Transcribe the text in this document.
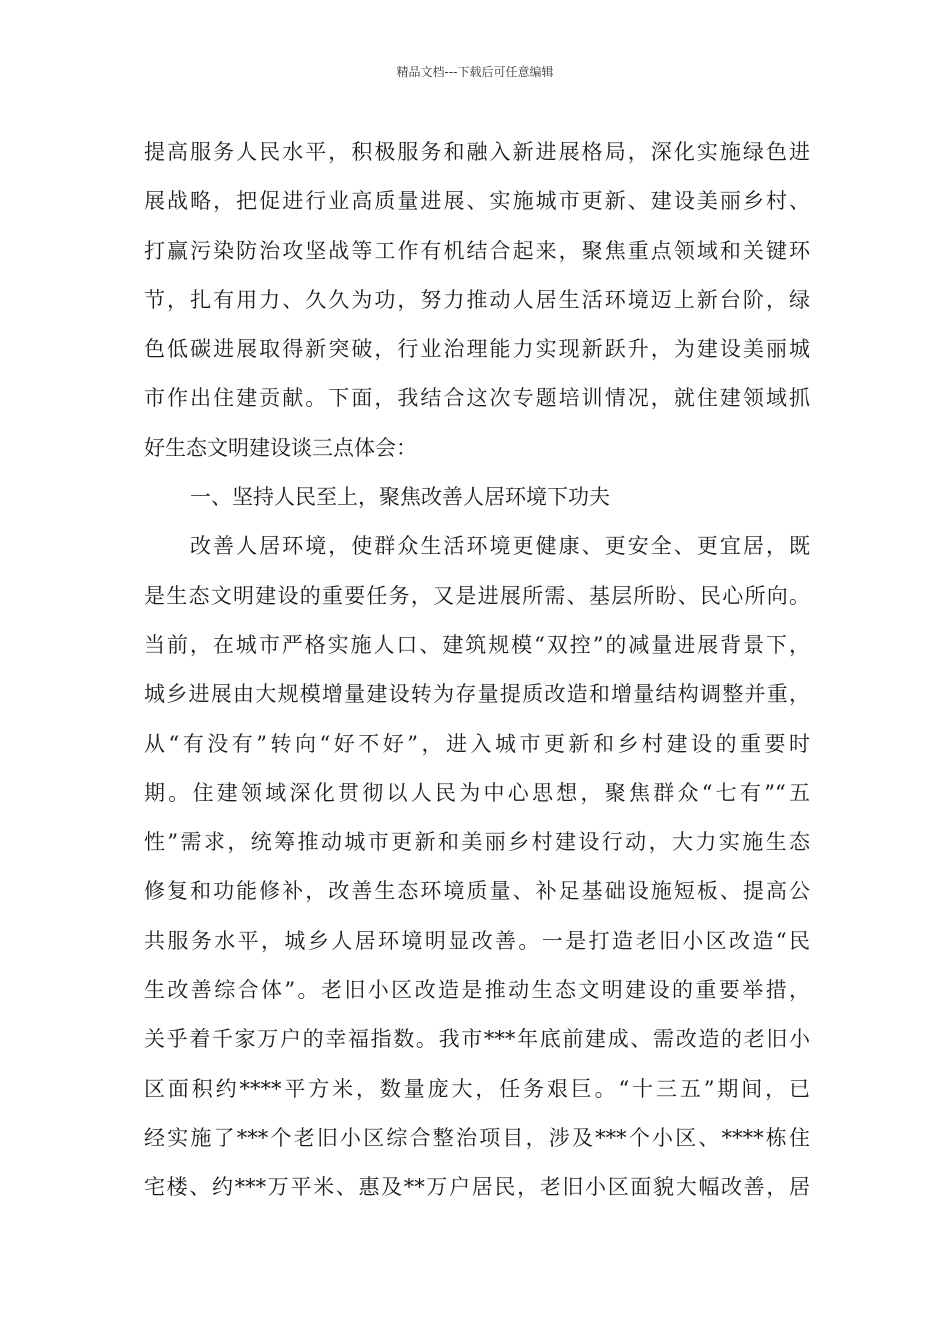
精品文档---下载后可任意编辑
提高服务人民水平，积极服务和融入新进展格局，深化实施绿色进
展战略，把促进行业高质量进展、实施城市更新、建设美丽乡村、
打赢污染防治攻坚战等工作有机结合起来，聚焦重点领域和关键环
节，扎有用力、久久为功，努力推动人居生活环境迈上新台阶，绿
色低碳进展取得新突破，行业治理能力实现新跃升，为建设美丽城
市作出住建贡献。下面，我结合这次专题培训情况，就住建领域抓
好生态文明建设谈三点体会：
一、坚持人民至上，聚焦改善人居环境下功夫
改善人居环境，使群众生活环境更健康、更安全、更宜居，既
是生态文明建设的重要任务，又是进展所需、基层所盼、民心所向。
当前，在城市严格实施人口、建筑规模“双控”的减量进展背景下，
城乡进展由大规模增量建设转为存量提质改造和增量结构调整并重，
从“有没有”转向“好不好”，进入城市更新和乡村建设的重要时
期。住建领域深化贯彻以人民为中心思想，聚焦群众“七有”“五
性”需求，统筹推动城市更新和美丽乡村建设行动，大力实施生态
修复和功能修补，改善生态环境质量、补足基础设施短板、提高公
共服务水平，城乡人居环境明显改善。一是打造老旧小区改造“民
生改善综合体”。老旧小区改造是推动生态文明建设的重要举措，
关乎着千家万户的幸福指数。我市***年底前建成、需改造的老旧小
区面积约****平方米，数量庞大，任务艰巨。“十三五”期间，已
经实施了***个老旧小区综合整治项目，涉及***个小区、****栋住
宅楼、约***万平米、惠及**万户居民，老旧小区面貌大幅改善，居
